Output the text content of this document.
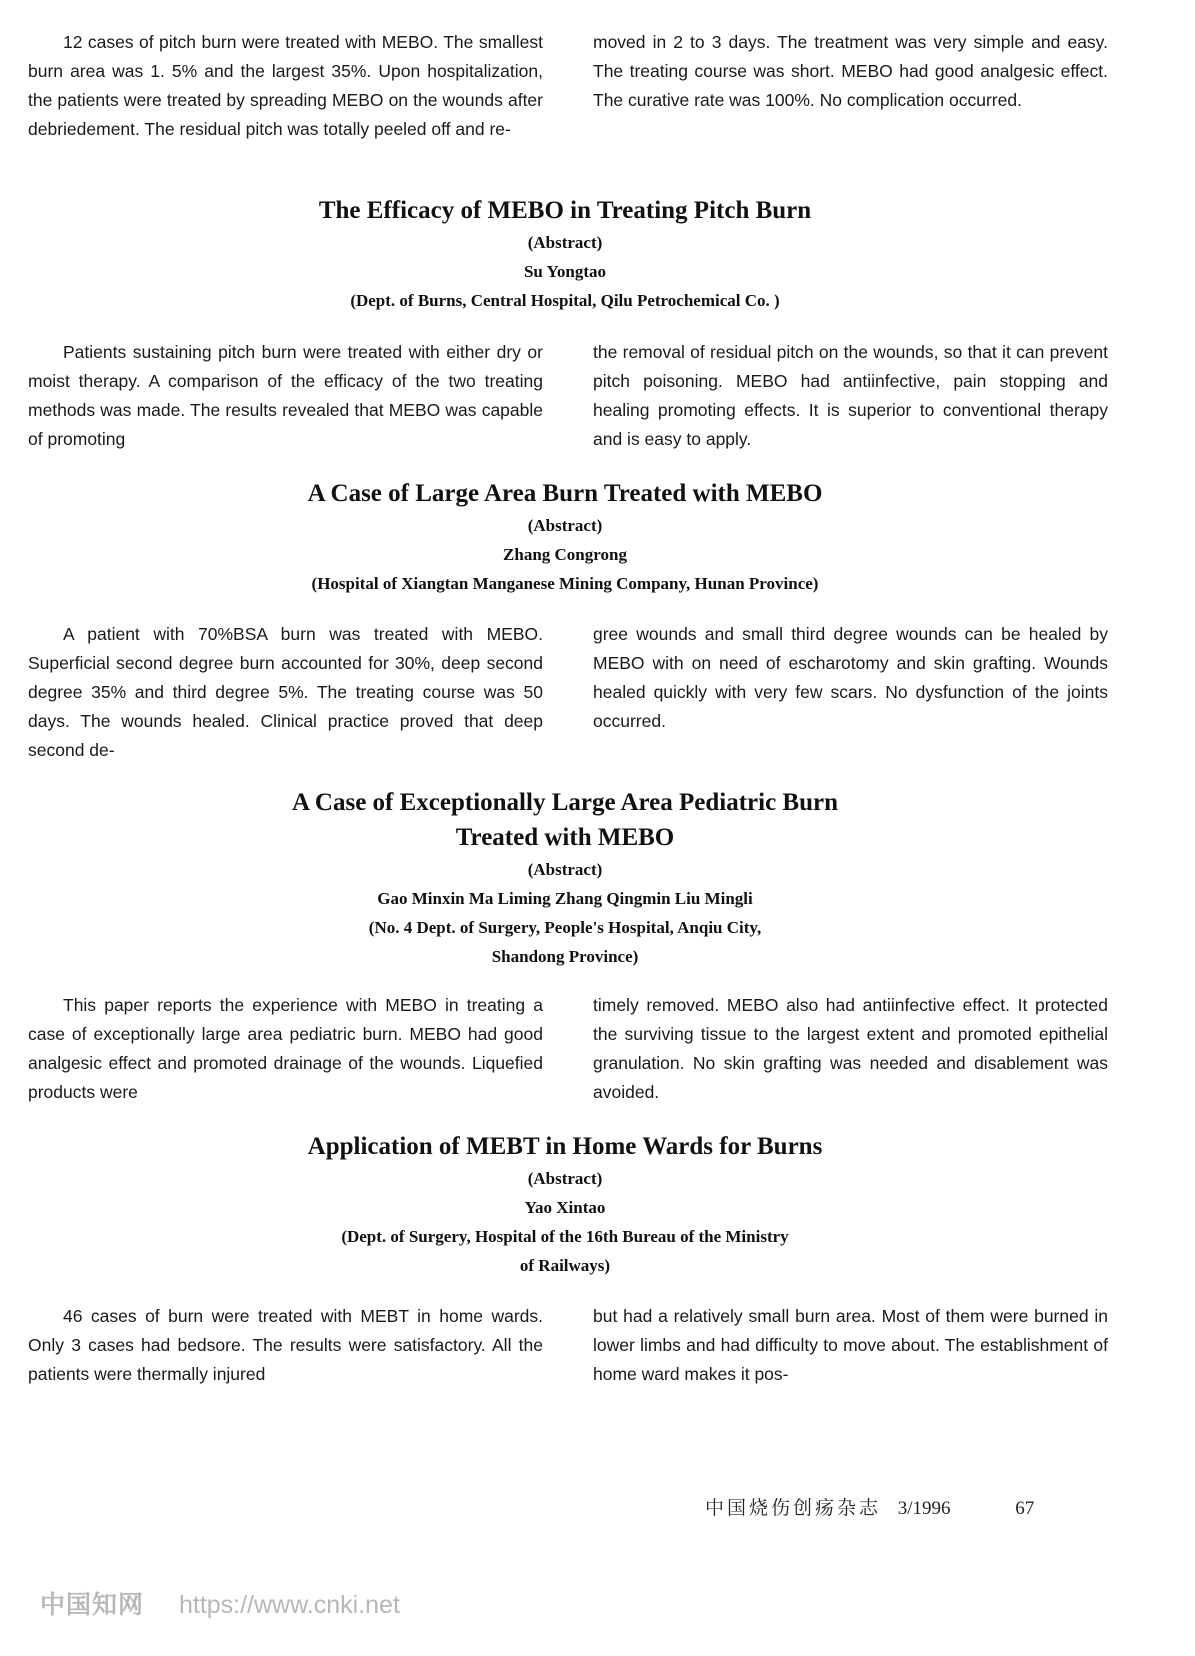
12 cases of pitch burn were treated with MEBO. The smallest burn area was 1. 5% and the largest 35%. Upon hospitalization, the patients were treated by spreading MEBO on the wounds after debriedement. The residual pitch was totally peeled off and re-

moved in 2 to 3 days. The treatment was very simple and easy. The treating course was short. MEBO had good analgesic effect. The curative rate was 100%. No complication occurred.

The Efficacy of MEBO in Treating Pitch Burn
(Abstract)
Su Yongtao
(Dept. of Burns, Central Hospital, Qilu Petrochemical Co. )

Patients sustaining pitch burn were treated with either dry or moist therapy. A comparison of the efficacy of the two treating methods was made. The results revealed that MEBO was capable of promoting

the removal of residual pitch on the wounds, so that it can prevent pitch poisoning. MEBO had antiinfective, pain stopping and healing promoting effects. It is superior to conventional therapy and is easy to apply.

A Case of Large Area Burn Treated with MEBO
(Abstract)
Zhang Congrong
(Hospital of Xiangtan Manganese Mining Company, Hunan Province)

A patient with 70%BSA burn was treated with MEBO. Superficial second degree burn accounted for 30%, deep second degree 35% and third degree 5%. The treating course was 50 days. The wounds healed. Clinical practice proved that deep second de-

gree wounds and small third degree wounds can be healed by MEBO with on need of escharotomy and skin grafting. Wounds healed quickly with very few scars. No dysfunction of the joints occurred.

A Case of Exceptionally Large Area Pediatric Burn
Treated with MEBO
(Abstract)
Gao Minxin Ma Liming Zhang Qingmin Liu Mingli
(No. 4 Dept. of Surgery, People's Hospital, Anqiu City,
Shandong Province)

This paper reports the experience with MEBO in treating a case of exceptionally large area pediatric burn. MEBO had good analgesic effect and promoted drainage of the wounds. Liquefied products were

timely removed. MEBO also had antiinfective effect. It protected the surviving tissue to the largest extent and promoted epithelial granulation. No skin grafting was needed and disablement was avoided.

Application of MEBT in Home Wards for Burns
(Abstract)
Yao Xintao
(Dept. of Surgery, Hospital of the 16th Bureau of the Ministry
of Railways)

46 cases of burn were treated with MEBT in home wards. Only 3 cases had bedsore. The results were satisfactory. All the patients were thermally injured

but had a relatively small burn area. Most of them were burned in lower limbs and had difficulty to move about. The establishment of home ward makes it pos-

中国烧伤创疡杂志 3/1996	67
中国知网 https://www.cnki.net
